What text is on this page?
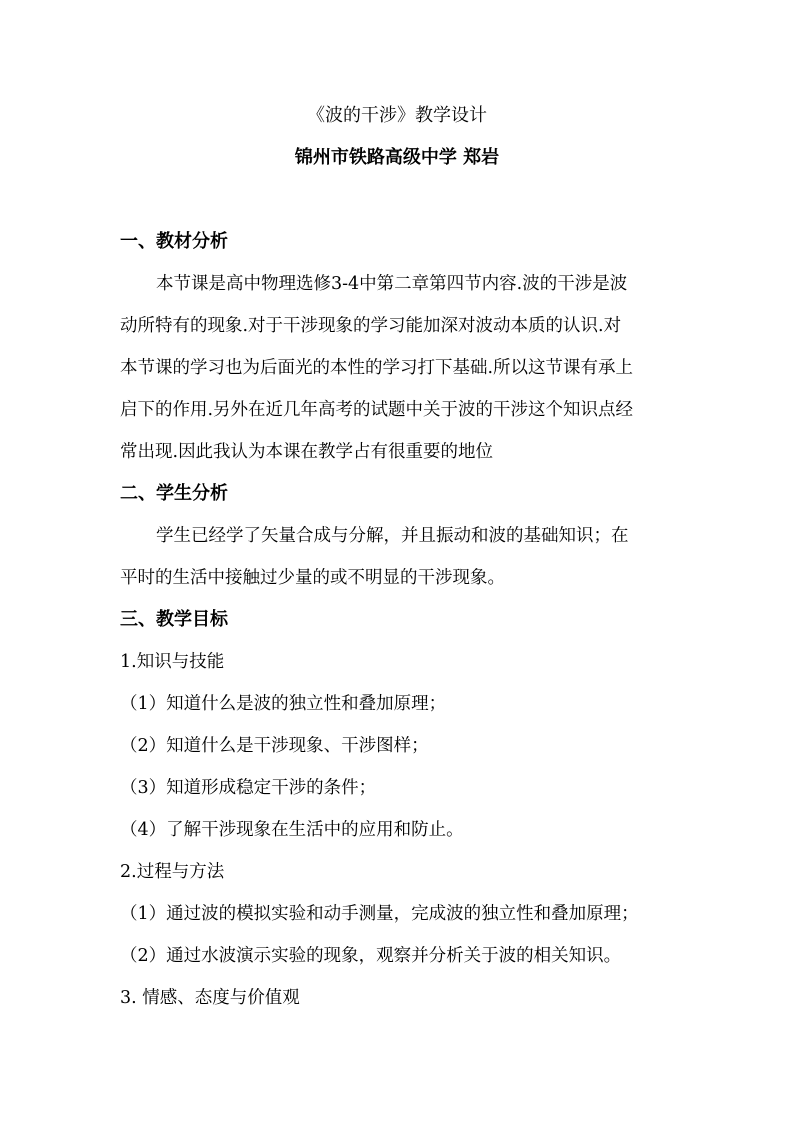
《波的干涉》教学设计

锦州市铁路高级中学 郑岩

一、教材分析

本节课是高中物理选修3-4中第二章第四节内容.波的干涉是波

动所特有的现象.对于干涉现象的学习能加深对波动本质的认识.对

本节课的学习也为后面光的本性的学习打下基础.所以这节课有承上

启下的作用.另外在近几年高考的试题中关于波的干涉这个知识点经

常出现.因此我认为本课在教学占有很重要的地位

二、学生分析

学生已经学了矢量合成与分解，并且振动和波的基础知识；在

平时的生活中接触过少量的或不明显的干涉现象。

三、教学目标

1.知识与技能

（1）知道什么是波的独立性和叠加原理；

（2）知道什么是干涉现象、干涉图样；

（3）知道形成稳定干涉的条件；

（4）了解干涉现象在生活中的应用和防止。

2.过程与方法

（1）通过波的模拟实验和动手测量，完成波的独立性和叠加原理；

（2）通过水波演示实验的现象，观察并分析关于波的相关知识。

3. 情感、态度与价值观
